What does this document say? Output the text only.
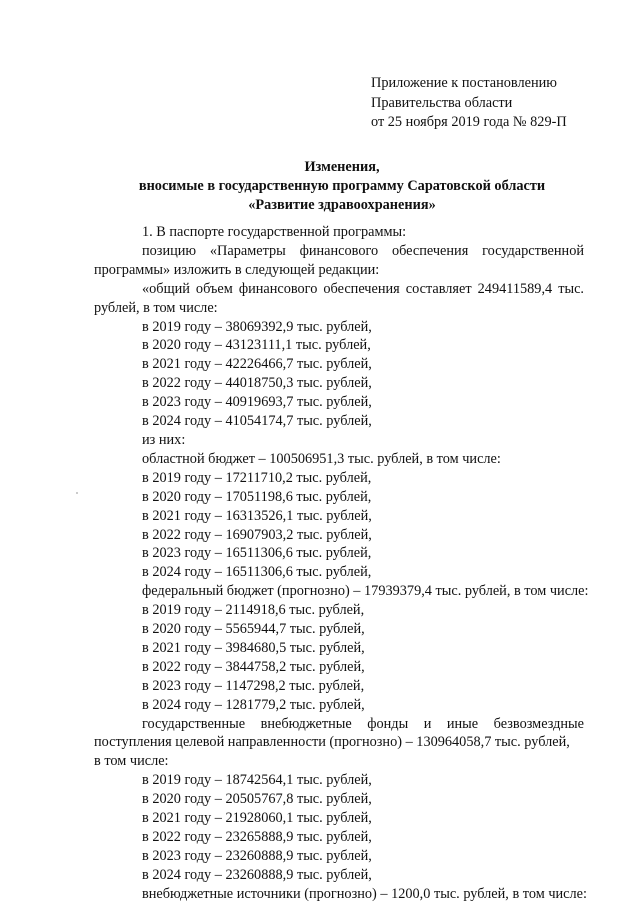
Приложение к постановлению
Правительства области
от 25 ноября 2019 года № 829-П
Изменения,
вносимые в государственную программу Саратовской области
«Развитие здравоохранения»
1. В паспорте государственной программы:
позицию «Параметры финансового обеспечения государственной
программы» изложить в следующей редакции:
«общий объем финансового обеспечения составляет 249411589,4 тыс.
рублей, в том числе:
в 2019 году – 38069392,9 тыс. рублей,
в 2020 году – 43123111,1 тыс. рублей,
в 2021 году – 42226466,7 тыс. рублей,
в 2022 году – 44018750,3 тыс. рублей,
в 2023 году – 40919693,7 тыс. рублей,
в 2024 году – 41054174,7 тыс. рублей,
из них:
областной бюджет – 100506951,3 тыс. рублей, в том числе:
в 2019 году – 17211710,2 тыс. рублей,
в 2020 году – 17051198,6 тыс. рублей,
в 2021 году – 16313526,1 тыс. рублей,
в 2022 году – 16907903,2 тыс. рублей,
в 2023 году – 16511306,6 тыс. рублей,
в 2024 году – 16511306,6 тыс. рублей,
федеральный бюджет (прогнозно) – 17939379,4 тыс. рублей, в том числе:
в 2019 году – 2114918,6 тыс. рублей,
в 2020 году – 5565944,7 тыс. рублей,
в 2021 году – 3984680,5 тыс. рублей,
в 2022 году – 3844758,2 тыс. рублей,
в 2023 году – 1147298,2 тыс. рублей,
в 2024 году – 1281779,2 тыс. рублей,
государственные внебюджетные фонды и иные безвозмездные
поступления целевой направленности (прогнозно) – 130964058,7 тыс. рублей,
в том числе:
в 2019 году – 18742564,1 тыс. рублей,
в 2020 году – 20505767,8 тыс. рублей,
в 2021 году – 21928060,1 тыс. рублей,
в 2022 году – 23265888,9 тыс. рублей,
в 2023 году – 23260888,9 тыс. рублей,
в 2024 году – 23260888,9 тыс. рублей,
внебюджетные источники (прогнозно) – 1200,0 тыс. рублей, в том числе:
